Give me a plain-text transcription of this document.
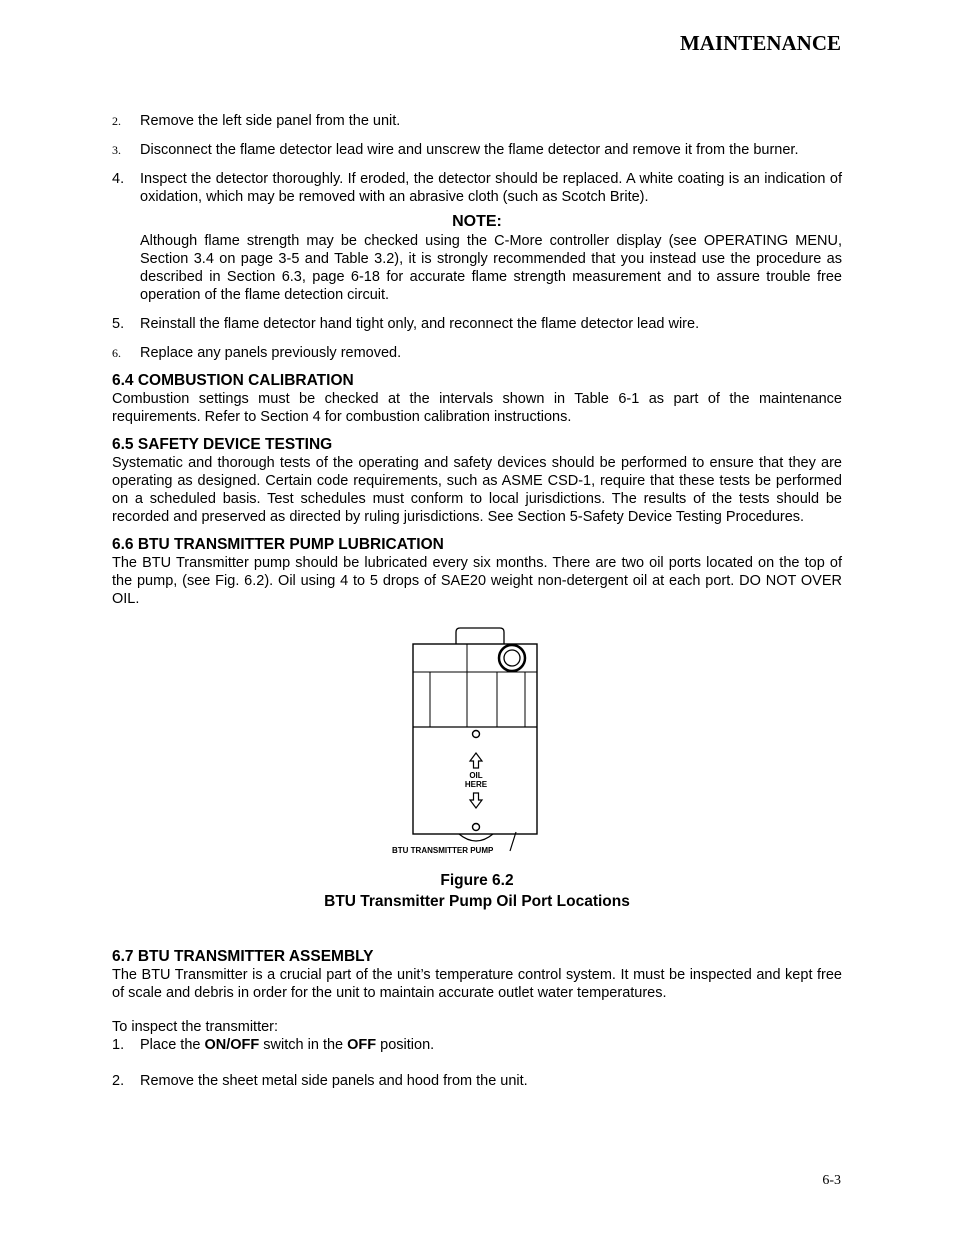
MAINTENANCE
2.	Remove the left side panel from the unit.
3.	Disconnect the flame detector lead wire and unscrew the flame detector and remove it from the burner.
4.	Inspect the detector thoroughly. If eroded, the detector should be replaced. A white coating is an indication of oxidation, which may be removed with an abrasive cloth (such as Scotch Brite).
NOTE:
Although flame strength may be checked using the C-More controller display (see OPERATING MENU, Section 3.4 on page 3-5 and Table 3.2), it is strongly recommended that you instead use the procedure as described in Section 6.3, page 6-18 for accurate flame strength measurement and to assure trouble free operation of the flame detection circuit.
5.	Reinstall the flame detector hand tight only, and reconnect the flame detector lead wire.
6.	Replace any panels previously removed.
6.4 COMBUSTION CALIBRATION

Combustion settings must be checked at the intervals shown in Table 6-1 as part of the maintenance requirements. Refer to Section 4 for combustion calibration instructions.

6.5 SAFETY DEVICE TESTING

Systematic and thorough tests of the operating and safety devices should be performed to ensure that they are operating as designed. Certain code requirements, such as ASME CSD-1, require that these tests be performed on a scheduled basis. Test schedules must conform to local jurisdictions. The results of the tests should be recorded and preserved as directed by ruling jurisdictions. See Section 5-Safety Device Testing Procedures.

6.6 BTU TRANSMITTER PUMP LUBRICATION

The BTU Transmitter pump should be lubricated every six months. There are two oil ports located on the top of the pump, (see Fig. 6.2). Oil using 4 to 5 drops of SAE20 weight non-detergent oil at each port. DO NOT OVER OIL.

OIL
HERE
BTU TRANSMITTER PUMP
Figure 6.2
BTU Transmitter Pump Oil Port Locations
6.7 BTU TRANSMITTER ASSEMBLY

The BTU Transmitter is a crucial part of the unit’s temperature control system. It must be inspected and kept free of scale and debris in order for the unit to maintain accurate outlet water temperatures.

To inspect the transmitter:
1.	Place the ON/OFF switch in the OFF position.
2.	Remove the sheet metal side panels and hood from the unit.
6-3
